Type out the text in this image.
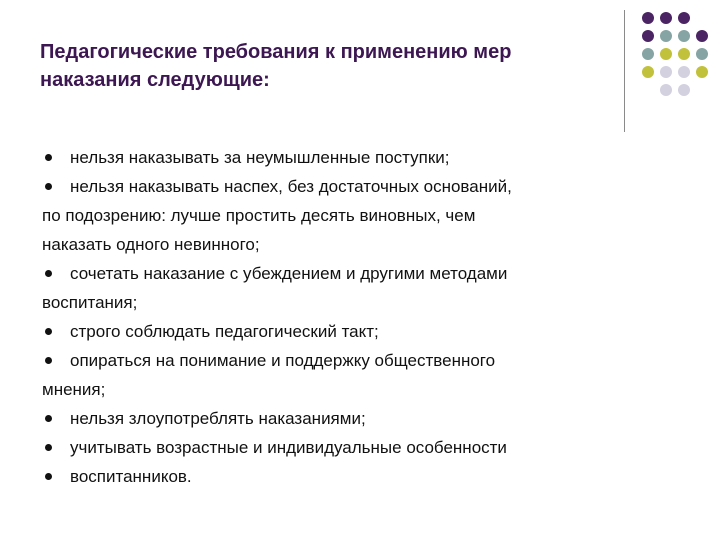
Педагогические требования к применению мер
наказания следующие:
нельзя наказывать за неумышленные поступки;
нельзя наказывать наспех, без достаточных оснований,
по подозрению: лучше простить десять виновных, чем
наказать одного невинного;
сочетать наказание с убеждением и другими методами
воспитания;
строго соблюдать педагогический такт;
опираться на понимание и поддержку общественного
мнения;
нельзя злоупотреблять наказаниями;
учитывать возрастные и индивидуальные особенности
воспитанников.
